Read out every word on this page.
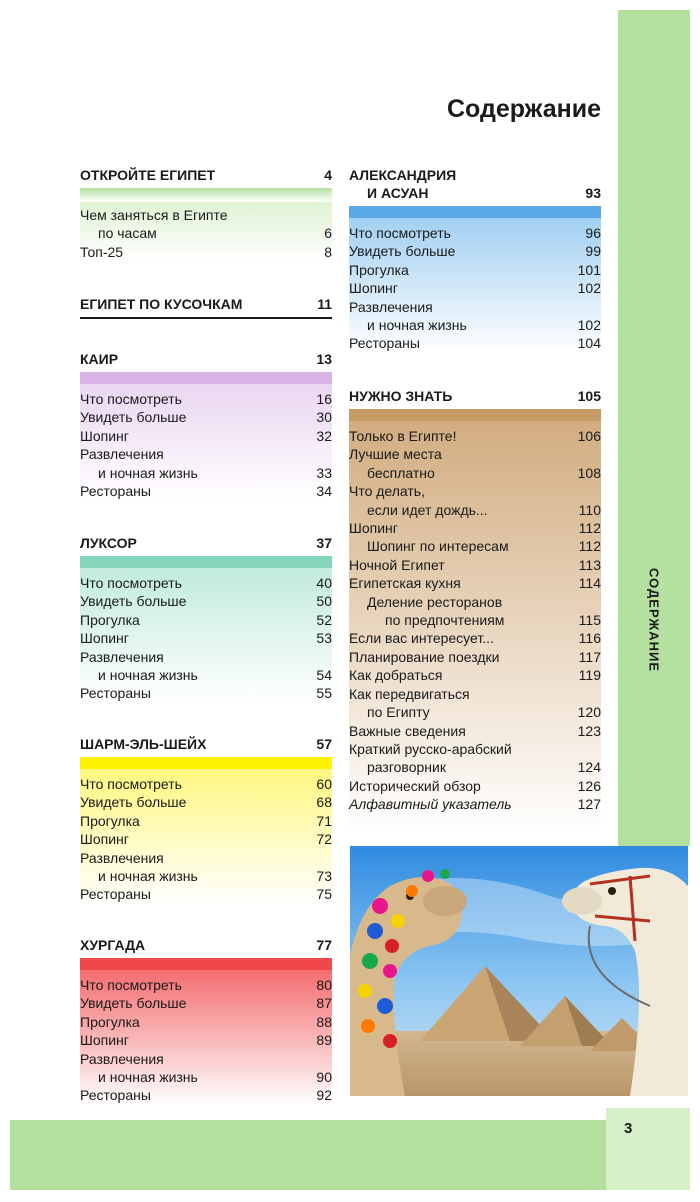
СОДЕРЖАНИЕ
3
Содержание
ОТКРОЙТЕ ЕГИПЕТ	4
Чем заняться в Египте
по часам	6
Топ-25	8
ЕГИПЕТ ПО КУСОЧКАМ	11
КАИР	13
Что посмотреть	16
Увидеть больше	30
Шопинг	32
Развлечения
и ночная жизнь	33
Рестораны	34
ЛУКСОР	37
Что посмотреть	40
Увидеть больше	50
Прогулка	52
Шопинг	53
Развлечения
и ночная жизнь	54
Рестораны	55
ШАРМ-ЭЛЬ-ШЕЙХ	57
Что посмотреть	60
Увидеть больше	68
Прогулка	71
Шопинг	72
Развлечения
и ночная жизнь	73
Рестораны	75
ХУРГАДА	77
Что посмотреть	80
Увидеть больше	87
Прогулка	88
Шопинг	89
Развлечения
и ночная жизнь	90
Рестораны	92
АЛЕКСАНДРИЯ
И АСУАН	93
Что посмотреть	96
Увидеть больше	99
Прогулка	101
Шопинг	102
Развлечения
и ночная жизнь	102
Рестораны	104
НУЖНО ЗНАТЬ	105
Только в Египте!	106
Лучшие места
бесплатно	108
Что делать,
если идет дождь...	110
Шопинг	112
Шопинг по интересам	112
Ночной Египет	113
Египетская кухня	114
Деление ресторанов
по предпочтениям	115
Если вас интересует...	116
Планирование поездки	117
Как добраться	119
Как передвигаться
по Египту	120
Важные сведения	123
Краткий русско-арабский
разговорник	124
Исторический обзор	126
Алфавитный указатель	127
